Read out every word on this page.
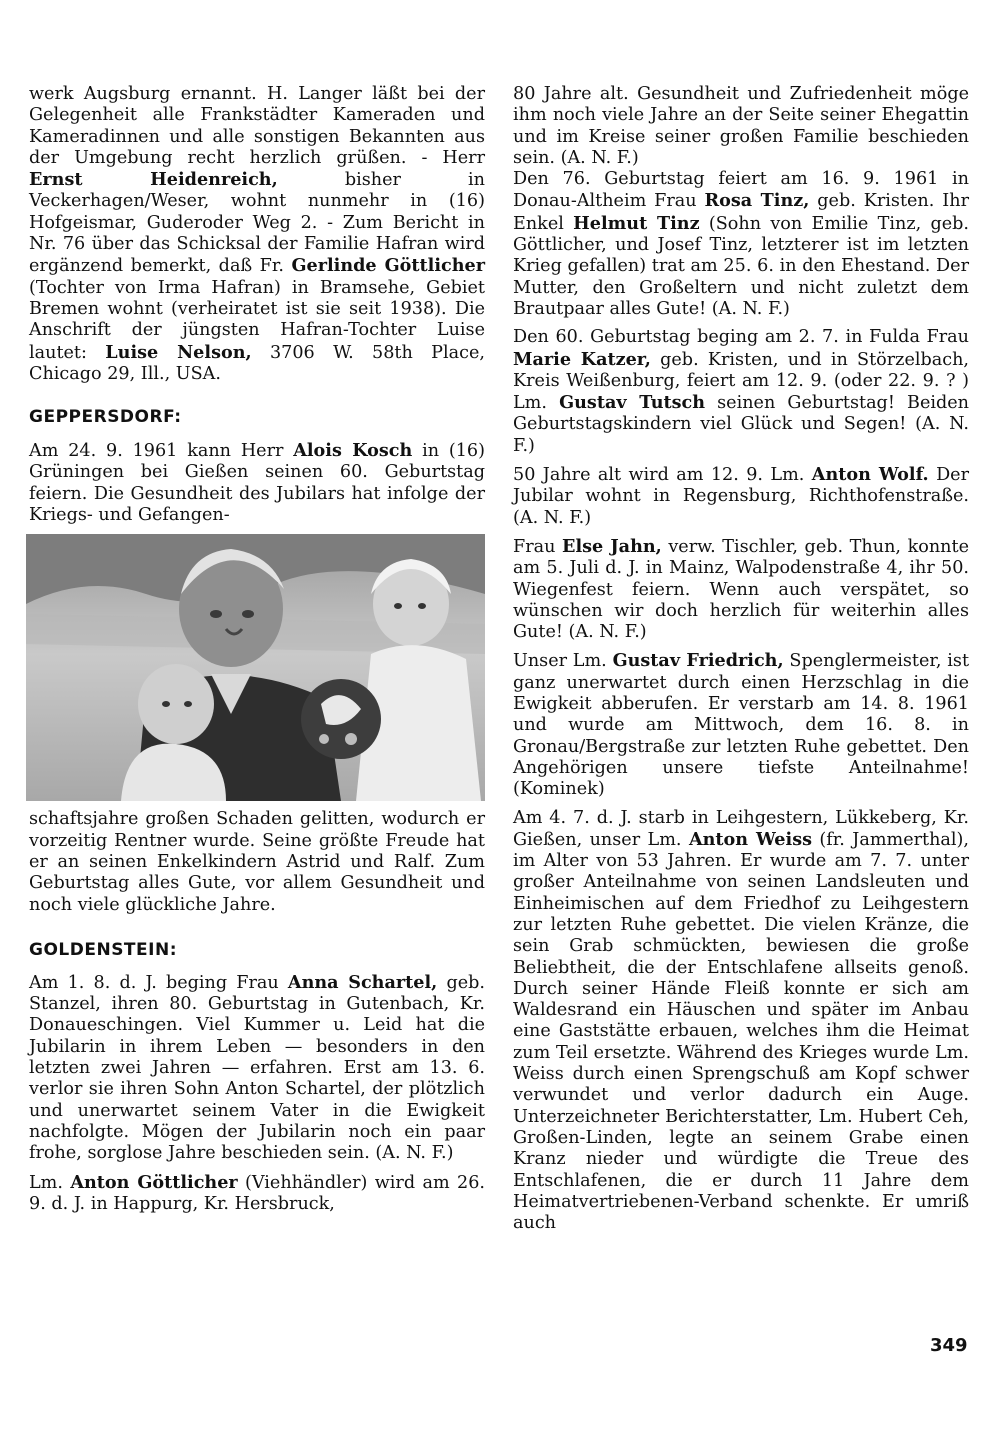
werk Augsburg ernannt. H. Langer läßt bei der Gelegenheit alle Frankstädter Kameraden und Kameradinnen und alle sonstigen Bekannten aus der Umgebung recht herzlich grüßen. - Herr Ernst Heidenreich, bisher in Veckerhagen/Weser, wohnt nunmehr in (16) Hofgeismar, Guderoder Weg 2. - Zum Bericht in Nr. 76 über das Schicksal der Familie Hafran wird ergänzend bemerkt, daß Fr. Gerlinde Göttlicher (Tochter von Irma Hafran) in Bramsehe, Gebiet Bremen wohnt (verheiratet ist sie seit 1938). Die Anschrift der jüngsten Hafran-Tochter Luise lautet: Luise Nelson, 3706 W. 58th Place, Chicago 29, Ill., USA.

GEPPERSDORF:

Am 24. 9. 1961 kann Herr Alois Kosch in (16) Grüningen bei Gießen seinen 60. Geburtstag feiern. Die Gesundheit des Jubilars hat infolge der Kriegs- und Gefangen-

schaftsjahre großen Schaden gelitten, wodurch er vorzeitig Rentner wurde. Seine größte Freude hat er an seinen Enkelkindern Astrid und Ralf. Zum Geburtstag alles Gute, vor allem Gesundheit und noch viele glückliche Jahre.

GOLDENSTEIN:

Am 1. 8. d. J. beging Frau Anna Schartel, geb. Stanzel, ihren 80. Geburtstag in Gutenbach, Kr. Donaueschingen. Viel Kummer u. Leid hat die Jubilarin in ihrem Leben — besonders in den letzten zwei Jahren — erfahren. Erst am 13. 6. verlor sie ihren Sohn Anton Schartel, der plötzlich und unerwartet seinem Vater in die Ewigkeit nachfolgte. Mögen der Jubilarin noch ein paar frohe, sorglose Jahre beschieden sein. (A. N. F.)

Lm. Anton Göttlicher (Viehhändler) wird am 26. 9. d. J. in Happurg, Kr. Hersbruck,

80 Jahre alt. Gesundheit und Zufriedenheit möge ihm noch viele Jahre an der Seite seiner Ehegattin und im Kreise seiner großen Familie beschieden sein. (A. N. F.)

Den 76. Geburtstag feiert am 16. 9. 1961 in Donau-Altheim Frau Rosa Tinz, geb. Kristen. Ihr Enkel Helmut Tinz (Sohn von Emilie Tinz, geb. Göttlicher, und Josef Tinz, letzterer ist im letzten Krieg gefallen) trat am 25. 6. in den Ehestand. Der Mutter, den Großeltern und nicht zuletzt dem Brautpaar alles Gute! (A. N. F.)

Den 60. Geburtstag beging am 2. 7. in Fulda Frau Marie Katzer, geb. Kristen, und in Störzelbach, Kreis Weißenburg, feiert am 12. 9. (oder 22. 9. ? ) Lm. Gustav Tutsch seinen Geburtstag! Beiden Geburtstagskindern viel Glück und Segen! (A. N. F.)

50 Jahre alt wird am 12. 9. Lm. Anton Wolf. Der Jubilar wohnt in Regensburg, Richthofenstraße. (A. N. F.)

Frau Else Jahn, verw. Tischler, geb. Thun, konnte am 5. Juli d. J. in Mainz, Walpodenstraße 4, ihr 50. Wiegenfest feiern. Wenn auch verspätet, so wünschen wir doch herzlich für weiterhin alles Gute! (A. N. F.)

Unser Lm. Gustav Friedrich, Spenglermeister, ist ganz unerwartet durch einen Herzschlag in die Ewigkeit abberufen. Er verstarb am 14. 8. 1961 und wurde am Mittwoch, dem 16. 8. in Gronau/Bergstraße zur letzten Ruhe gebettet. Den Angehörigen unsere tiefste Anteilnahme! (Kominek)

Am 4. 7. d. J. starb in Leihgestern, Lükkeberg, Kr. Gießen, unser Lm. Anton Weiss (fr. Jammerthal), im Alter von 53 Jahren. Er wurde am 7. 7. unter großer Anteilnahme von seinen Landsleuten und Einheimischen auf dem Friedhof zu Leihgestern zur letzten Ruhe gebettet. Die vielen Kränze, die sein Grab schmückten, bewiesen die große Beliebtheit, die der Entschlafene allseits genoß. Durch seiner Hände Fleiß konnte er sich am Waldesrand ein Häuschen und später im Anbau eine Gaststätte erbauen, welches ihm die Heimat zum Teil ersetzte. Während des Krieges wurde Lm. Weiss durch einen Sprengschuß am Kopf schwer verwundet und verlor dadurch ein Auge. Unterzeichneter Berichterstatter, Lm. Hubert Ceh, Großen-Linden, legte an seinem Grabe einen Kranz nieder und würdigte die Treue des Entschlafenen, die er durch 11 Jahre dem Heimatvertriebenen-Verband schenkte. Er umriß auch

349
